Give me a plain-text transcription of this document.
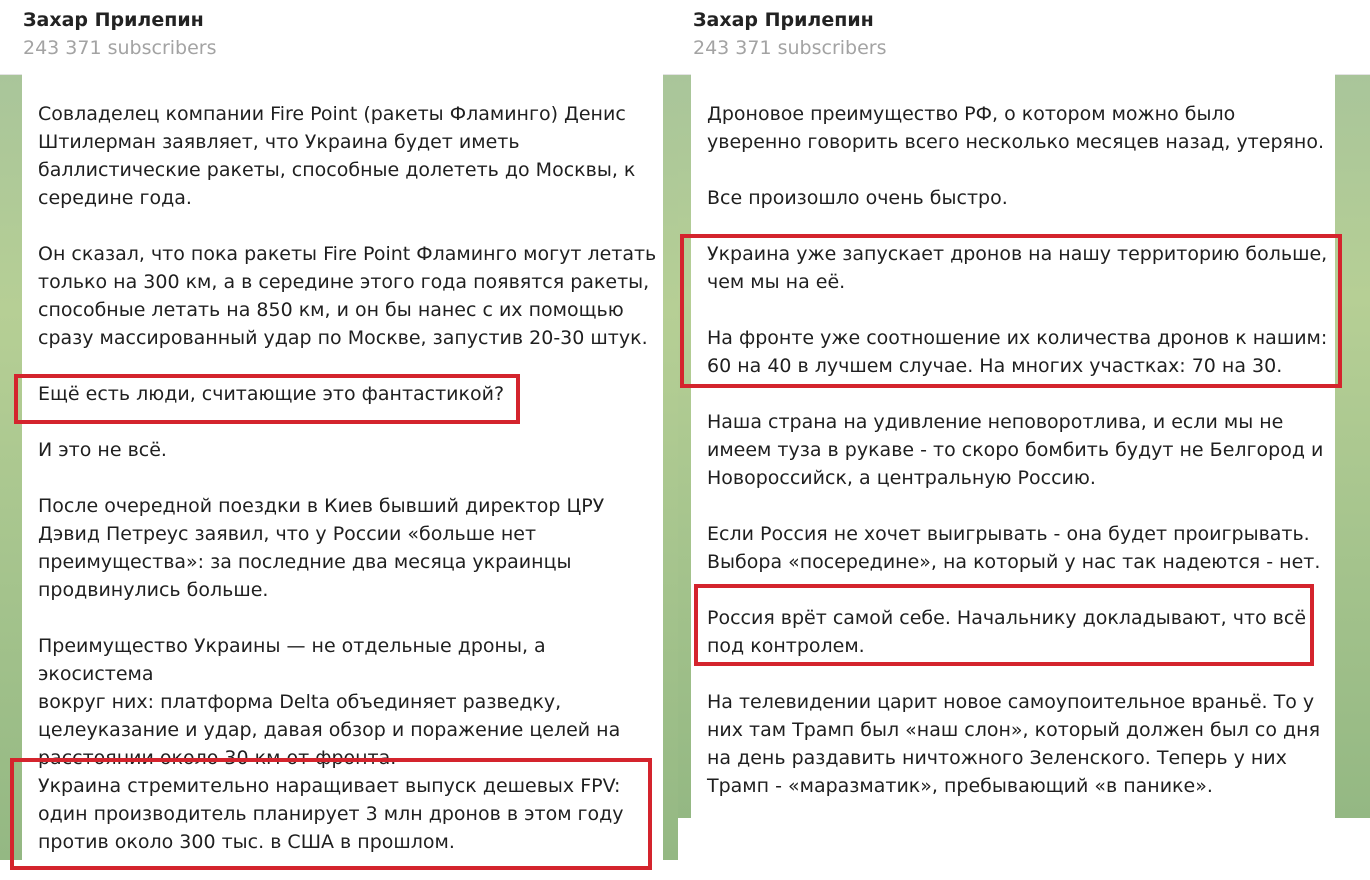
Захар Прилепин
243 371 subscribers

Совладелец компании Fire Point (ракеты Фламинго) Денис
Штилерман заявляет, что Украина будет иметь
баллистические ракеты, способные долететь до Москвы, к
середине года.

Он сказал, что пока ракеты Fire Point Фламинго могут летать
только на 300 км, а в середине этого года появятся ракеты,
способные летать на 850 км, и он бы нанес с их помощью
сразу массированный удар по Москве, запустив 20-30 штук.

Ещё есть люди, считающие это фантастикой?

И это не всё.

После очередной поездки в Киев бывший директор ЦРУ
Дэвид Петреус заявил, что у России «больше нет
преимущества»: за последние два месяца украинцы
продвинулись больше.

Преимущество Украины — не отдельные дроны, а экосистема
вокруг них: платформа Delta объединяет разведку,
целеуказание и удар, давая обзор и поражение целей на
расстоянии около 30 км от фронта.

Украина стремительно наращивает выпуск дешевых FPV:
один производитель планирует 3 млн дронов в этом году
против около 300 тыс. в США в прошлом.

Захар Прилепин
243 371 subscribers

Дроновое преимущество РФ, о котором можно было
уверенно говорить всего несколько месяцев назад, утеряно.

Все произошло очень быстро.

Украина уже запускает дронов на нашу территорию больше,
чем мы на её.

На фронте уже соотношение их количества дронов к нашим:
60 на 40 в лучшем случае. На многих участках: 70 на 30.

Наша страна на удивление неповоротлива, и если мы не
имеем туза в рукаве - то скоро бомбить будут не Белгород и
Новороссийск, а центральную Россию.

Если Россия не хочет выигрывать - она будет проигрывать.
Выбора «посередине», на который у нас так надеются - нет.

Россия врёт самой себе. Начальнику докладывают, что всё
под контролем.

На телевидении царит новое самоупоительное враньё. То у
них там Трамп был «наш слон», который должен был со дня
на день раздавить ничтожного Зеленского. Теперь у них
Трамп - «маразматик», пребывающий «в панике».
